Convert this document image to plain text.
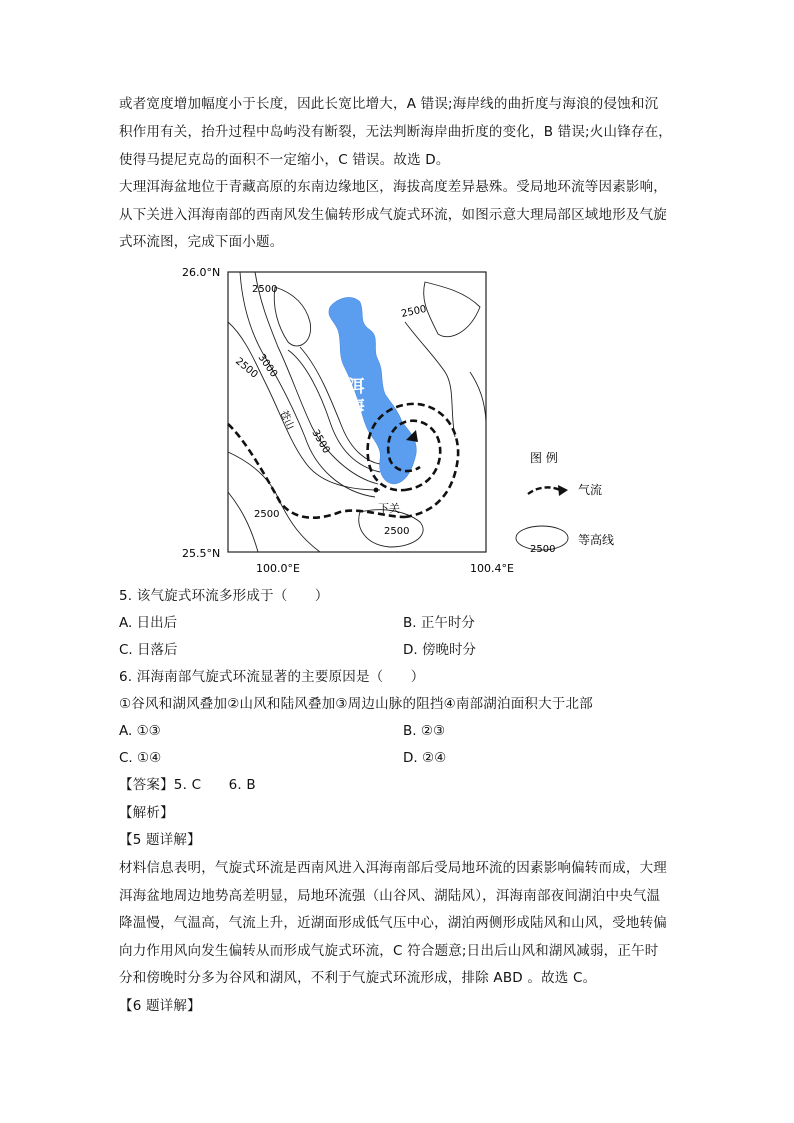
或者宽度增加幅度小于长度，因此长宽比增大，A 错误;海岸线的曲折度与海浪的侵蚀和沉
积作用有关，抬升过程中岛屿没有断裂，无法判断海岸曲折度的变化，B 错误;火山锋存在，
使得马提尼克岛的面积不一定缩小，C 错误。故选 D。
大理洱海盆地位于青藏高原的东南边缘地区，海拔高度差异悬殊。受局地环流等因素影响，
从下关进入洱海南部的西南风发生偏转形成气旋式环流，如图示意大理局部区域地形及气旋
式环流图，完成下面小题。
26.0°N
25.5°N
100.0°E	100.4°E
洱
海
2500
2500
3000
2500
3500
2500
2500
苍山
下关
图 例
气流
2500
等高线
5. 该气旋式环流多形成于（　　）
A. 日出后	B. 正午时分
C. 日落后	D. 傍晚时分
6. 洱海南部气旋式环流显著的主要原因是（　　）
①谷风和湖风叠加②山风和陆风叠加③周边山脉的阻挡④南部湖泊面积大于北部
A. ①③	B. ②③
C. ①④	D. ②④
【答案】5. C　　6. B
【解析】
【5 题详解】
材料信息表明，气旋式环流是西南风进入洱海南部后受局地环流的因素影响偏转而成，大理
洱海盆地周边地势高差明显，局地环流强（山谷风、湖陆风），洱海南部夜间湖泊中央气温
降温慢，气温高，气流上升，近湖面形成低气压中心，湖泊两侧形成陆风和山风，受地转偏
向力作用风向发生偏转从而形成气旋式环流，C 符合题意;日出后山风和湖风减弱，正午时
分和傍晚时分多为谷风和湖风，不利于气旋式环流形成，排除 ABD 。故选 C。
【6 题详解】
